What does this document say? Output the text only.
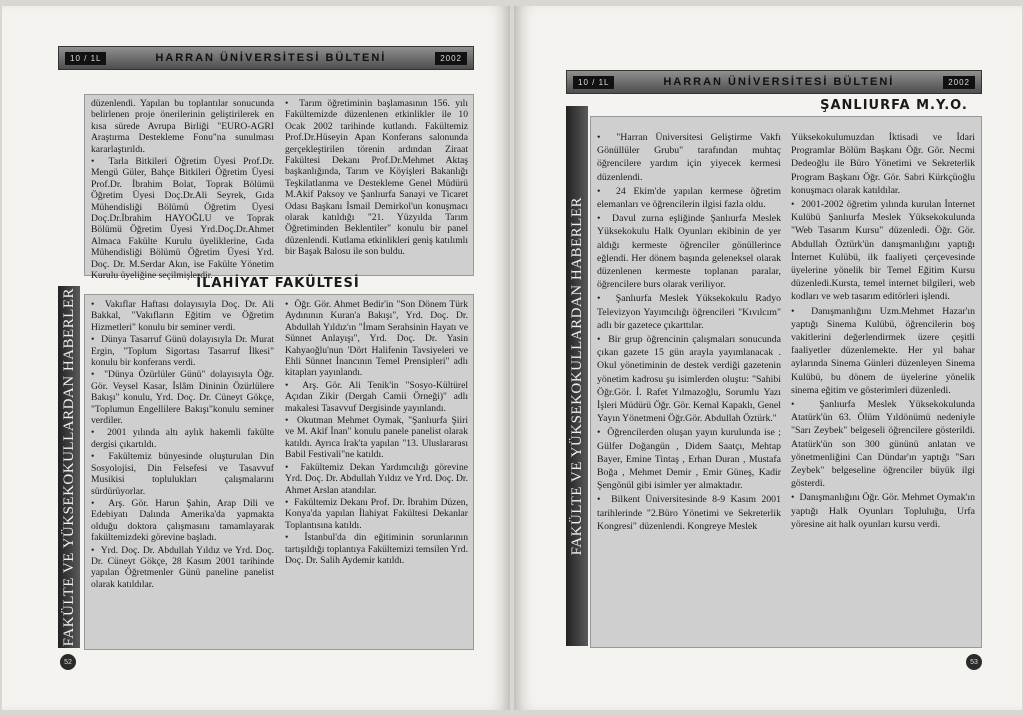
10 / 1L	HARRAN ÜNİVERSİTESİ BÜLTENİ	2002
FAKÜLTE VE YÜKSEKOKULLARDAN HABERLER

düzenlendi. Yapılan bu toplantılar sonucunda belirlenen proje önerilerinin geliştirilerek en kısa sürede Avrupa Birliği "EURO-AGRI Araştırma Destekleme Fonu"na sunulması kararlaştırıldı.

•  Tarla Bitkileri Öğretim Üyesi Prof.Dr. Mengü Güler, Bahçe Bitkileri Öğretim Üyesi Prof.Dr. İbrahim Bolat, Toprak Bölümü Öğretim Üyesi Doç.Dr.Ali Seyrek, Gıda Mühendisliği Bölümü Öğretim Üyesi Doç.Dr.İbrahim HAYOĞLU ve Toprak Bölümü Öğretim Üyesi Yrd.Doç.Dr.Ahmet Almaca Fakülte Kurulu üyeliklerine, Gıda Mühendisliği Bölümü Öğretim Üyesi Yrd. Doç. Dr. M.Serdar Akın, ise Fakülte Yönetim Kurulu üyeliğine seçilmişlerdir.

•  Tarım öğretiminin başlamasının 156. yılı Fakültemizde düzenlenen etkinlikler ile 10 Ocak 2002 tarihinde kutlandı. Fakültemiz Prof.Dr.Hüseyin Apan Konferans salonunda gerçekleştirilen törenin ardından Ziraat Fakültesi Dekanı Prof.Dr.Mehmet Aktaş başkanlığında, Tarım ve Köyişleri Bakanlığı Teşkilatlanma ve Destekleme Genel Müdürü M.Akif Paksoy ve Şanlıurfa Sanayi ve Ticaret Odası Başkanı İsmail Demirkol'un konuşmacı olarak katıldığı "21. Yüzyılda Tarım Öğretiminden Beklentiler" konulu bir panel düzenlendi. Kutlama etkinlikleri geniş katılımlı bir Başak Balosu ile son buldu.

İLAHİYAT FAKÜLTESİ

•  Vakıflar Haftası dolayısıyla Doç. Dr. Ali Bakkal, "Vakıfların Eğitim ve Öğretim Hizmetleri" konulu bir seminer verdi.

•  Dünya Tasarruf Günü dolayısıyla Dr. Murat Ergin, "Toplum Sigortası Tasarruf İlkesi" konulu bir konferans verdi.

•  "Dünya Özürlüler Günü" dolayısıyla Öğr. Gör. Veysel Kasar, İslâm Dininin Özürlülere Bakışı" konulu, Yrd. Doç. Dr. Cüneyt Gökçe, "Toplumun Engellilere Bakışı"konulu seminer verdiler.

•  2001 yılında altı aylık hakemli fakülte dergisi çıkartıldı.

•  Fakültemiz bünyesinde oluşturulan Din Sosyolojisi, Din Felsefesi ve Tasavvuf Musikisi toplulukları çalışmalarını sürdürüyorlar.

•  Arş. Gör. Harun Şahin, Arap Dili ve Edebiyatı Dalında Amerika'da yapmakta olduğu doktora çalışmasını tamamlayarak fakültemizdeki görevine başladı.

•  Yrd. Doç. Dr. Abdullah Yıldız ve Yrd. Doç. Dr. Cüneyt Gökçe, 28 Kasım 2001 tarihinde yapılan Öğretmenler Günü paneline panelist olarak katıldılar.

•  Öğr. Gör. Ahmet Bedir'in "Son Dönem Türk Aydınının Kuran'a Bakışı", Yrd. Doç. Dr. Abdullah Yıldız'ın "İmam Serahsinin Hayatı ve Sünnet Anlayışı", Yrd. Doç. Dr. Yasin Kahyaoğlu'nun 'Dört Halifenin Tavsiyeleri ve Ehli Sünnet İnancının Temel Prensipleri" adlı kitapları yayınlandı.

•  Arş. Gör. Ali Tenik'in "Sosyo-Kültürel Açıdan Zikir (Dergah Camii Örneği)" adlı makalesi Tasavvuf Dergisinde yayınlandı.

•  Okutman Mehmet Oymak, "Şanlıurfa Şiiri ve M. Akif İnan" konulu panele panelist olarak katıldı. Ayrıca Irak'ta yapılan "13. Uluslararası Babil Festivali"ne katıldı.

•  Fakültemiz Dekan Yardımcılığı görevine Yrd. Doç. Dr. Abdullah Yıldız ve Yrd. Doç. Dr. Ahmet Arslan atandılar.

•  Fakültemiz Dekanı Prof. Dr. İbrahim Düzen, Konya'da yapılan İlahiyat Fakültesi Dekanlar Toplantısına katıldı.

•  İstanbul'da din eğitiminin sorunlarının tartışıldığı toplantıya Fakültemizi temsilen Yrd. Doç. Dr. Salih Aydemir katıldı.

52
10 / 1L	HARRAN ÜNİVERSİTESİ BÜLTENİ	2002
FAKÜLTE VE YÜKSEKOKULLARDAN HABERLER
ŞANLIURFA M.Y.O.

•  "Harran Üniversitesi Geliştirme Vakfı Gönüllüler Grubu" tarafından muhtaç öğrencilere yardım için yiyecek kermesi düzenlendi.

•  24 Ekim'de yapılan kermese öğretim elemanları ve öğrencilerin ilgisi fazla oldu.

•  Davul zurna eşliğinde Şanlıurfa Meslek Yüksekokulu Halk Oyunları ekibinin de yer aldığı kermeste öğrenciler gönüllerince eğlendi. Her dönem başında geleneksel olarak düzenlenen kermeste toplanan paralar, öğrencilere burs olarak veriliyor.

•  Şanlıurfa Meslek Yüksekokulu Radyo Televizyon Yayımcılığı öğrencileri "Kıvılcım" adlı bir gazetece çıkarttılar.

•  Bir grup öğrencinin çalışmaları sonucunda çıkan gazete 15 gün arayla yayımlanacak . Okul yönetiminin de destek verdiği gazetenin yönetim kadrosu şu isimlerden oluştu: "Sahibi Öğr.Gör. İ. Rafet Yılmazoğlu, Sorumlu Yazı İşleri Müdürü Öğr. Gör. Kemal Kapaklı, Genel Yayın Yönetmeni Öğr.Gör. Abdullah Öztürk."

•  Öğrencilerden oluşan yayın kurulunda ise ; Gülfer Doğangün , Didem Saatçı, Mehtap Bayer, Emine Tintaş , Erhan Duran , Mustafa Boğa , Mehmet Demir , Emir Güneş, Kadir Şengönül gibi isimler yer almaktadır.

•  Bilkent Üniversitesinde 8-9 Kasım 2001 tarihlerinde "2.Büro Yönetimi ve Sekreterlik Kongresi" düzenlendi. Kongreye Meslek

Yüksekokulumuzdan İktisadi ve İdari Programlar Bölüm Başkanı Öğr. Gör. Necmi Dedeoğlu ile Büro Yönetimi ve Sekreterlik Program Başkanı Öğr. Gör. Sabri Kürkçüoğlu konuşmacı olarak katıldılar.

•  2001-2002 öğretim yılında kurulan İnternet Kulübü Şanlıurfa Meslek Yüksekokulunda "Web Tasarım Kursu" düzenledi. Öğr. Gör. Abdullah Öztürk'ün danışmanlığını yaptığı İnternet Kulübü, ilk faaliyeti çerçevesinde üyelerine yönelik bir Temel Eğitim Kursu düzenledi.Kursta, temel internet bilgileri, web kodları ve web tasarım editörleri işlendi.

•  Danışmanlığını Uzm.Mehmet Hazar'ın yaptığı Sinema Kulübü, öğrencilerin boş vakitlerini değerlendirmek üzere çeşitli faaliyetler düzenlemekte. Her yıl bahar aylarında Sinema Günleri düzenleyen Sinema Kulübü, bu dönem de üyelerine yönelik sinema eğitim ve gösterimleri düzenledi.

•  Şanlıurfa Meslek Yüksekokulunda Atatürk'ün 63. Ölüm Yıldönümü nedeniyle "Sarı Zeybek" belgeseli öğrencilere gösterildi. Atatürk'ün son 300 gününü anlatan ve yönetmenliğini Can Dündar'ın yaptığı "Sarı Zeybek" belgeseline öğrenciler büyük ilgi gösterdi.

•  Danışmanlığını Öğr. Gör. Mehmet Oymak'ın yaptığı Halk Oyunları Topluluğu, Urfa yöresine ait halk oyunları kursu verdi.

53
